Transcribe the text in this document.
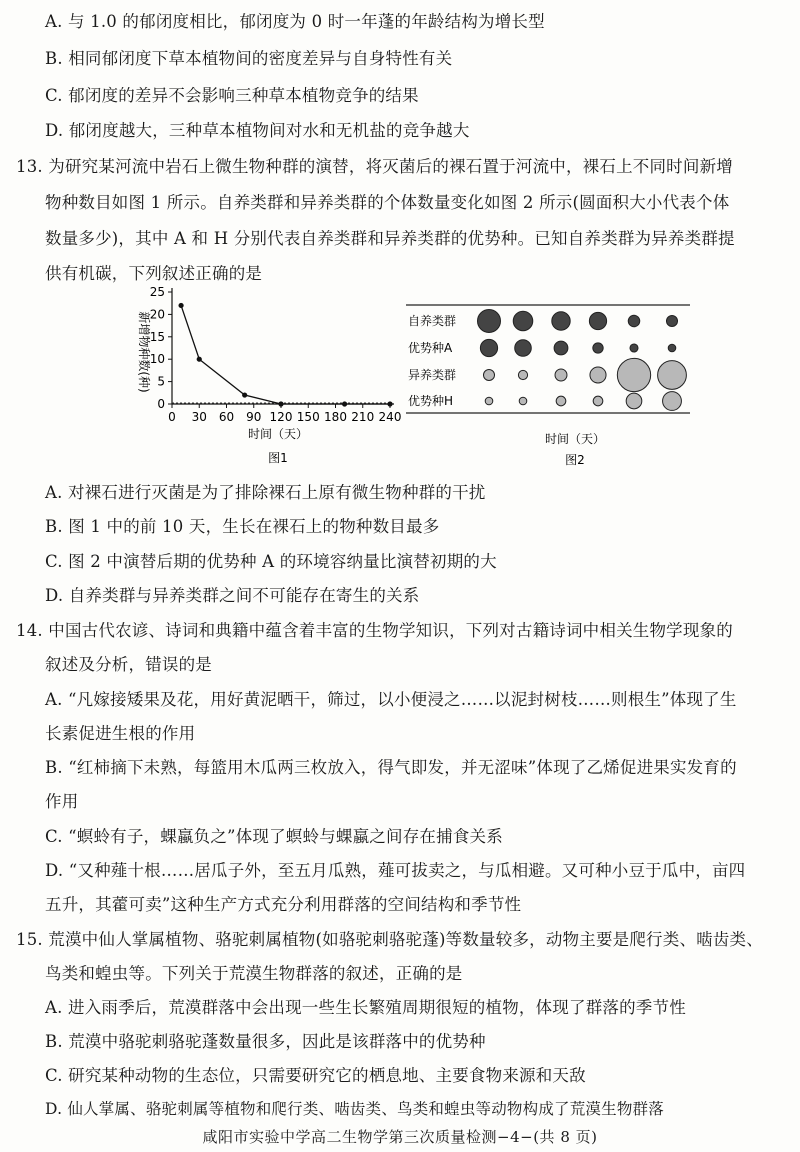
A. 与 1.0 的郁闭度相比，郁闭度为 0 时一年蓬的年龄结构为增长型
B. 相同郁闭度下草本植物间的密度差异与自身特性有关
C. 郁闭度的差异不会影响三种草本植物竞争的结果
D. 郁闭度越大，三种草本植物间对水和无机盐的竞争越大
13. 为研究某河流中岩石上微生物种群的演替，将灭菌后的裸石置于河流中，裸石上不同时间新增
物种数目如图 1 所示。自养类群和异养类群的个体数量变化如图 2 所示(圆面积大小代表个体
数量多少)，其中 A 和 H 分别代表自养类群和异养类群的优势种。已知自养类群为异养类群提
供有机碳，下列叙述正确的是
0
5
10
15
20
25
0 30 60 90 120 150 180 210 240
新增物种数(种)
时间（天）
图1
自养类群
优势种A
异养类群
优势种H
时间（天）
图2
A. 对裸石进行灭菌是为了排除裸石上原有微生物种群的干扰
B. 图 1 中的前 10 天，生长在裸石上的物种数目最多
C. 图 2 中演替后期的优势种 A 的环境容纳量比演替初期的大
D. 自养类群与异养类群之间不可能存在寄生的关系
14. 中国古代农谚、诗词和典籍中蕴含着丰富的生物学知识，下列对古籍诗词中相关生物学现象的
叙述及分析，错误的是
A. “凡嫁接矮果及花，用好黄泥晒干，筛过，以小便浸之……以泥封树枝……则根生”体现了生
长素促进生根的作用
B. “红柿摘下未熟，每篮用木瓜两三枚放入，得气即发，并无涩味”体现了乙烯促进果实发育的
作用
C. “螟蛉有子，蜾蠃负之”体现了螟蛉与蜾蠃之间存在捕食关系
D. “又种薤十根……居瓜子外，至五月瓜熟，薤可拔卖之，与瓜相避。又可种小豆于瓜中，亩四
五升，其藿可卖”这种生产方式充分利用群落的空间结构和季节性
15. 荒漠中仙人掌属植物、骆驼刺属植物(如骆驼刺骆驼蓬)等数量较多，动物主要是爬行类、啮齿类、
鸟类和蝗虫等。下列关于荒漠生物群落的叙述，正确的是
A. 进入雨季后，荒漠群落中会出现一些生长繁殖周期很短的植物，体现了群落的季节性
B. 荒漠中骆驼刺骆驼蓬数量很多，因此是该群落中的优势种
C. 研究某种动物的生态位，只需要研究它的栖息地、主要食物来源和天敌
D. 仙人掌属、骆驼刺属等植物和爬行类、啮齿类、鸟类和蝗虫等动物构成了荒漠生物群落
咸阳市实验中学高二生物学第三次质量检测−4−(共 8 页)
